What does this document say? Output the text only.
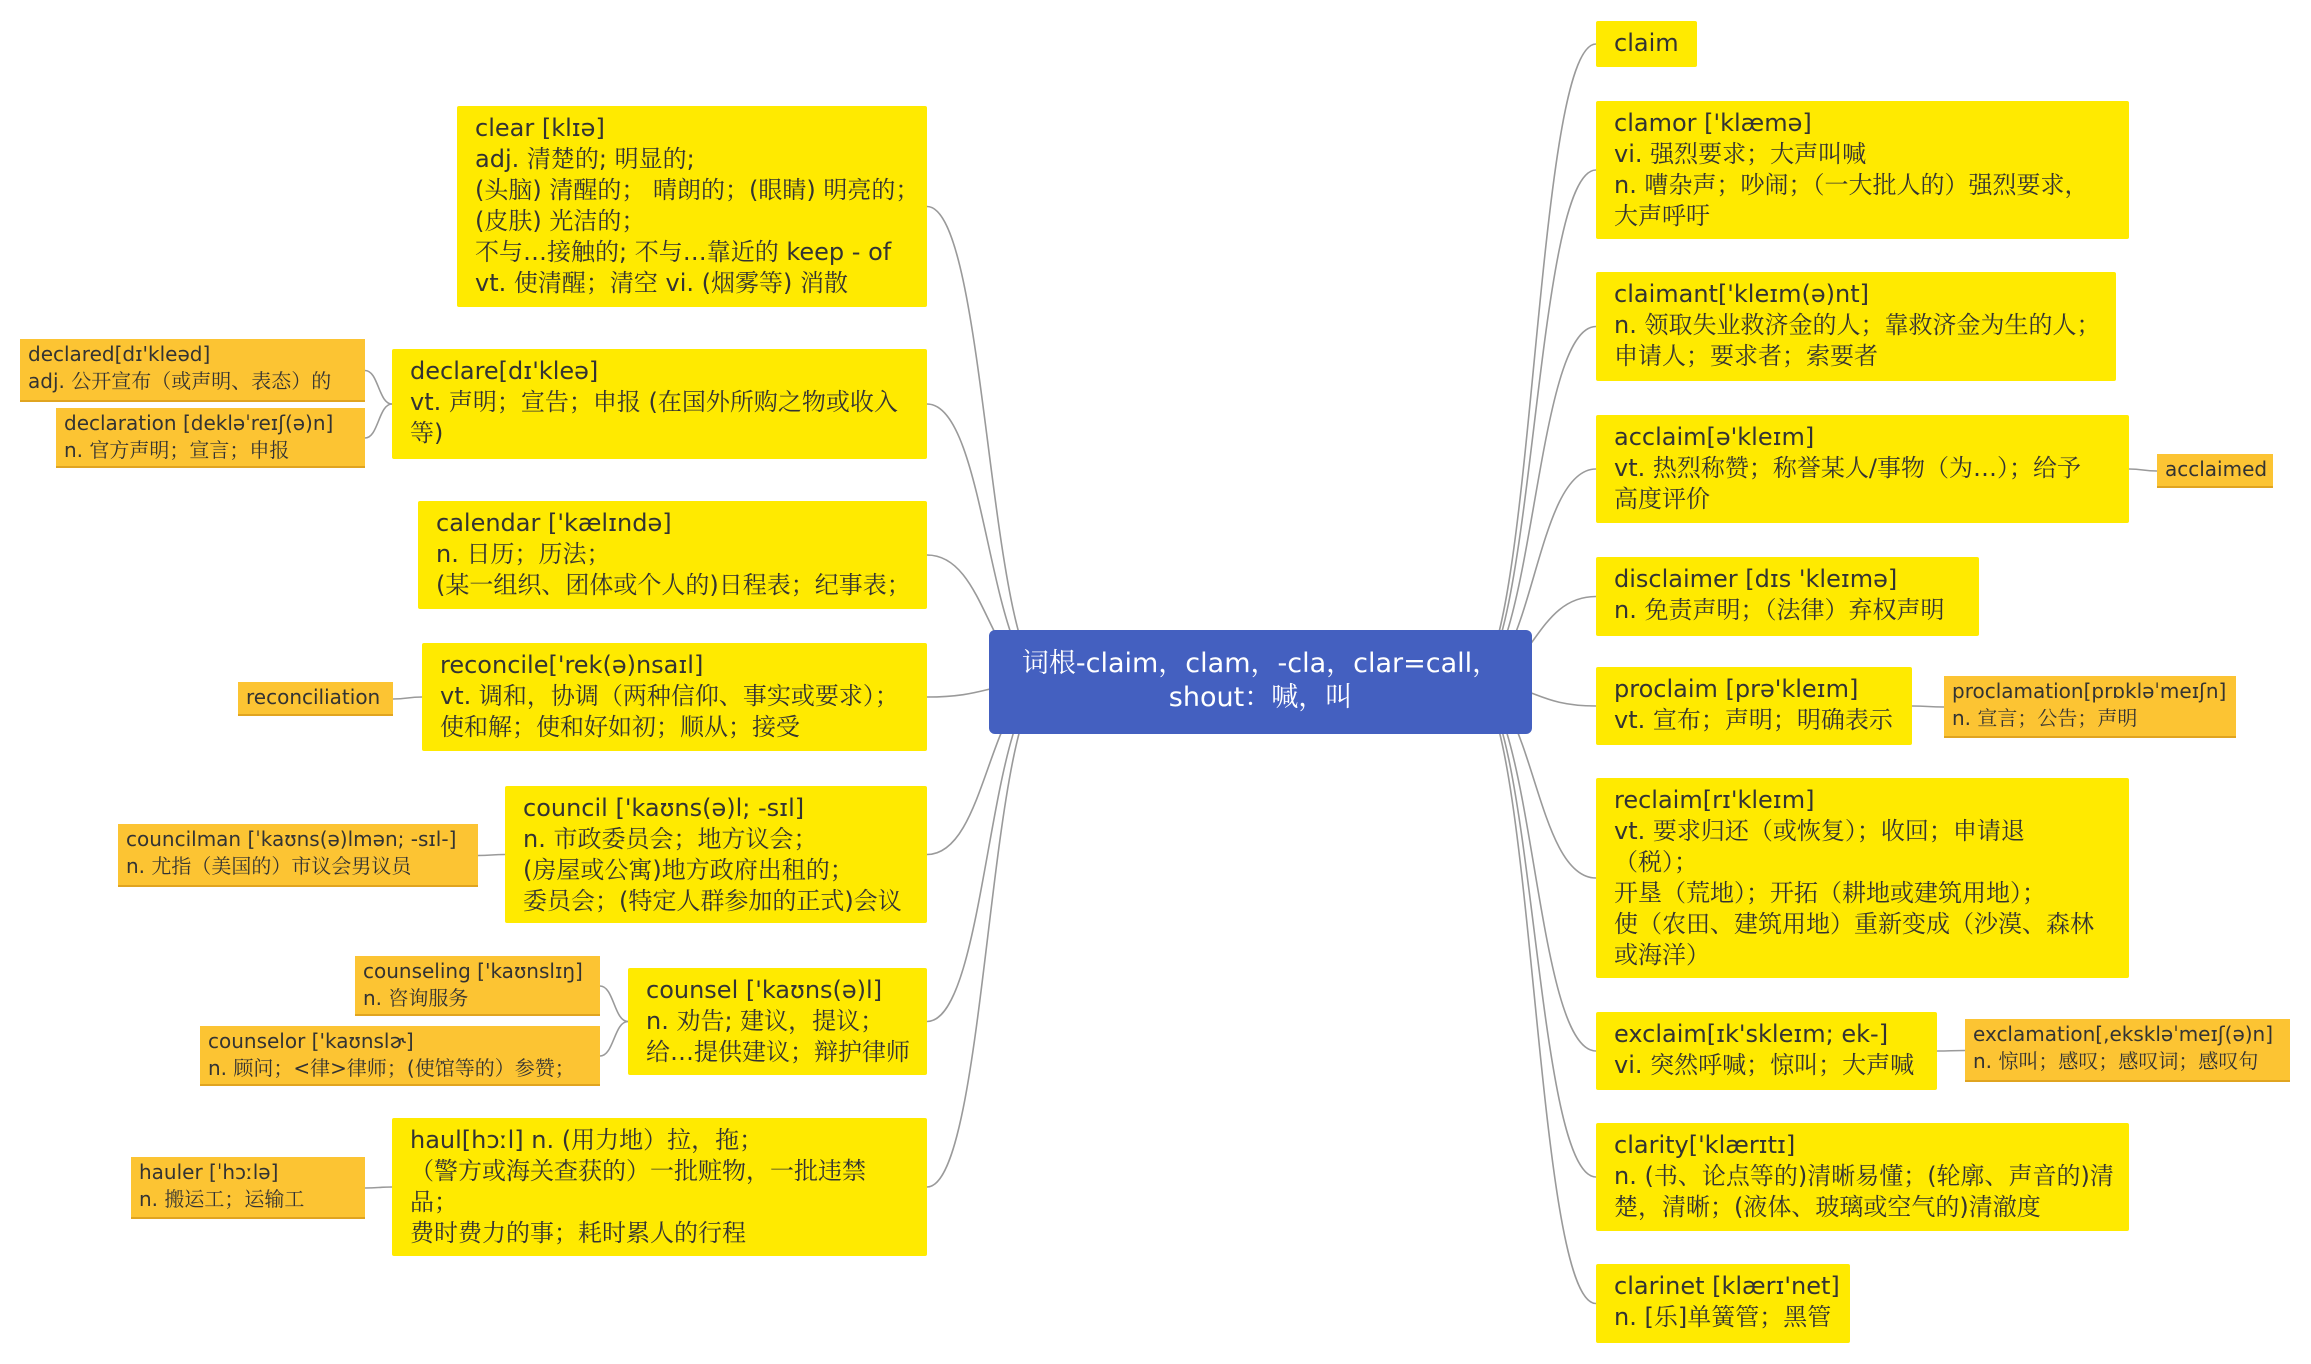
词根-claim，clam，-cla，clar=call，
shout：喊，叫
clear [klɪə]
adj. 清楚的; 明显的;
(头脑) 清醒的； 晴朗的；(眼睛) 明亮的；
(皮肤) 光洁的；
不与…接触的; 不与…靠近的 keep - of
vt. 使清醒；清空 vi. (烟雾等) 消散
declare[dɪ'kleə]
vt. 声明；宣告；申报 (在国外所购之物或收入
等)
calendar ['kælɪndə]
n. 日历；历法；
(某一组织、团体或个人的)日程表；纪事表；
reconcile['rek(ə)nsaɪl]
vt. 调和，协调（两种信仰、事实或要求）；
使和解；使和好如初；顺从；接受
council ['kaʊns(ə)l; -sɪl]
n. 市政委员会；地方议会；
(房屋或公寓)地方政府出租的；
委员会；(特定人群参加的正式)会议
counsel ['kaʊns(ə)l]
n. 劝告; 建议，提议；
给…提供建议；辩护律师
haul[hɔːl] n. (用力地）拉，拖；
（警方或海关查获的）一批赃物，一批违禁
品；
费时费力的事；耗时累人的行程
declared[dɪ'kleəd]
adj. 公开宣布（或声明、表态）的
declaration [dekləˈreɪʃ(ə)n]
n. 官方声明；宣言；申报
reconciliation
councilman [ˈkaʊns(ə)lmən; -sɪl-]
n. 尤指（美国的）市议会男议员
counseling ['kaʊnslɪŋ]
n. 咨询服务
counselor ['kaʊnslɚ]
n. 顾问；<律>律师；(使馆等的）参赞；
hauler [ˈhɔːlə]
n. 搬运工；运输工
claim
clamor ['klæmə]
vi. 强烈要求；大声叫喊
n. 嘈杂声；吵闹；（一大批人的）强烈要求，
大声呼吁
claimant['kleɪm(ə)nt]
n. 领取失业救济金的人；靠救济金为生的人；
申请人；要求者；索要者
acclaim[ə'kleɪm]
vt. 热烈称赞；称誉某人/事物（为…）；给予
高度评价
disclaimer [dɪs 'kleɪmə]
n. 免责声明；（法律）弃权声明
proclaim [prə'kleɪm]
vt. 宣布；声明；明确表示
reclaim[rɪ'kleɪm]
vt. 要求归还（或恢复）；收回；申请退
（税）；
开垦（荒地）；开拓（耕地或建筑用地）；
使（农田、建筑用地）重新变成（沙漠、森林
或海洋）
exclaim[ɪk'skleɪm; ek-]
vi. 突然呼喊；惊叫；大声喊
clarity['klærɪtɪ]
n. (书、论点等的)清晰易懂；(轮廓、声音的)清
楚，清晰；(液体、玻璃或空气的)清澈度
clarinet [klærɪ'net]
n. [乐]单簧管；黑管
acclaimed
proclamation[prɒkləˈmeɪʃn]
n. 宣言；公告；声明
exclamation[,ekskləˈmeɪʃ(ə)n]
n. 惊叫；感叹；感叹词；感叹句
